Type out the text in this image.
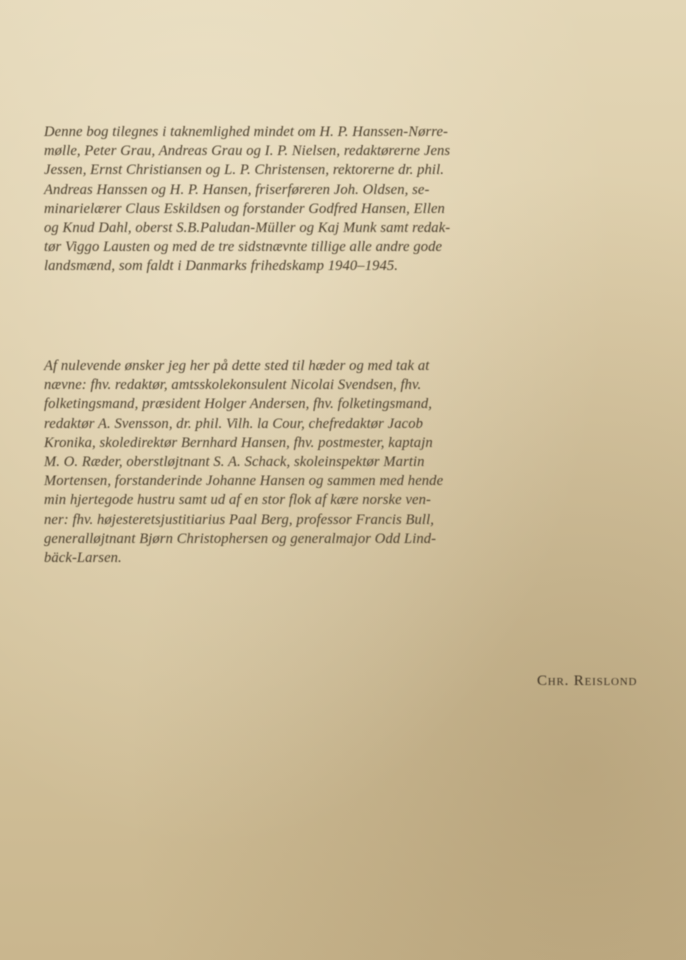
Denne bog tilegnes i taknemlighed mindet om H. P. Hanssen-Nørre-
mølle, Peter Grau, Andreas Grau og I. P. Nielsen, redaktørerne Jens
Jessen, Ernst Christiansen og L. P. Christensen, rektorerne dr. phil.
Andreas Hanssen og H. P. Hansen, friserføreren Joh. Oldsen, se-
minarielærer Claus Eskildsen og forstander Godfred Hansen, Ellen
og Knud Dahl, oberst S.B.Paludan-Müller og Kaj Munk samt redak-
tør Viggo Lausten og med de tre sidstnævnte tillige alle andre gode
landsmænd, som faldt i Danmarks frihedskamp 1940–1945.
Af nulevende ønsker jeg her på dette sted til hæder og med tak at
nævne: fhv. redaktør, amtsskolekonsulent Nicolai Svendsen, fhv.
folketingsmand, præsident Holger Andersen, fhv. folketingsmand,
redaktør A. Svensson, dr. phil. Vilh. la Cour, chefredaktør Jacob
Kronika, skoledirektør Bernhard Hansen, fhv. postmester, kaptajn
M. O. Ræder, oberstløjtnant S. A. Schack, skoleinspektør Martin
Mortensen, forstanderinde Johanne Hansen og sammen med hende
min hjertegode hustru samt ud af en stor flok af kære norske ven-
ner: fhv. højesteretsjustitiarius Paal Berg, professor Francis Bull,
generalløjtnant Bjørn Christophersen og generalmajor Odd Lind-
bäck-Larsen.
Chr. Reislond
